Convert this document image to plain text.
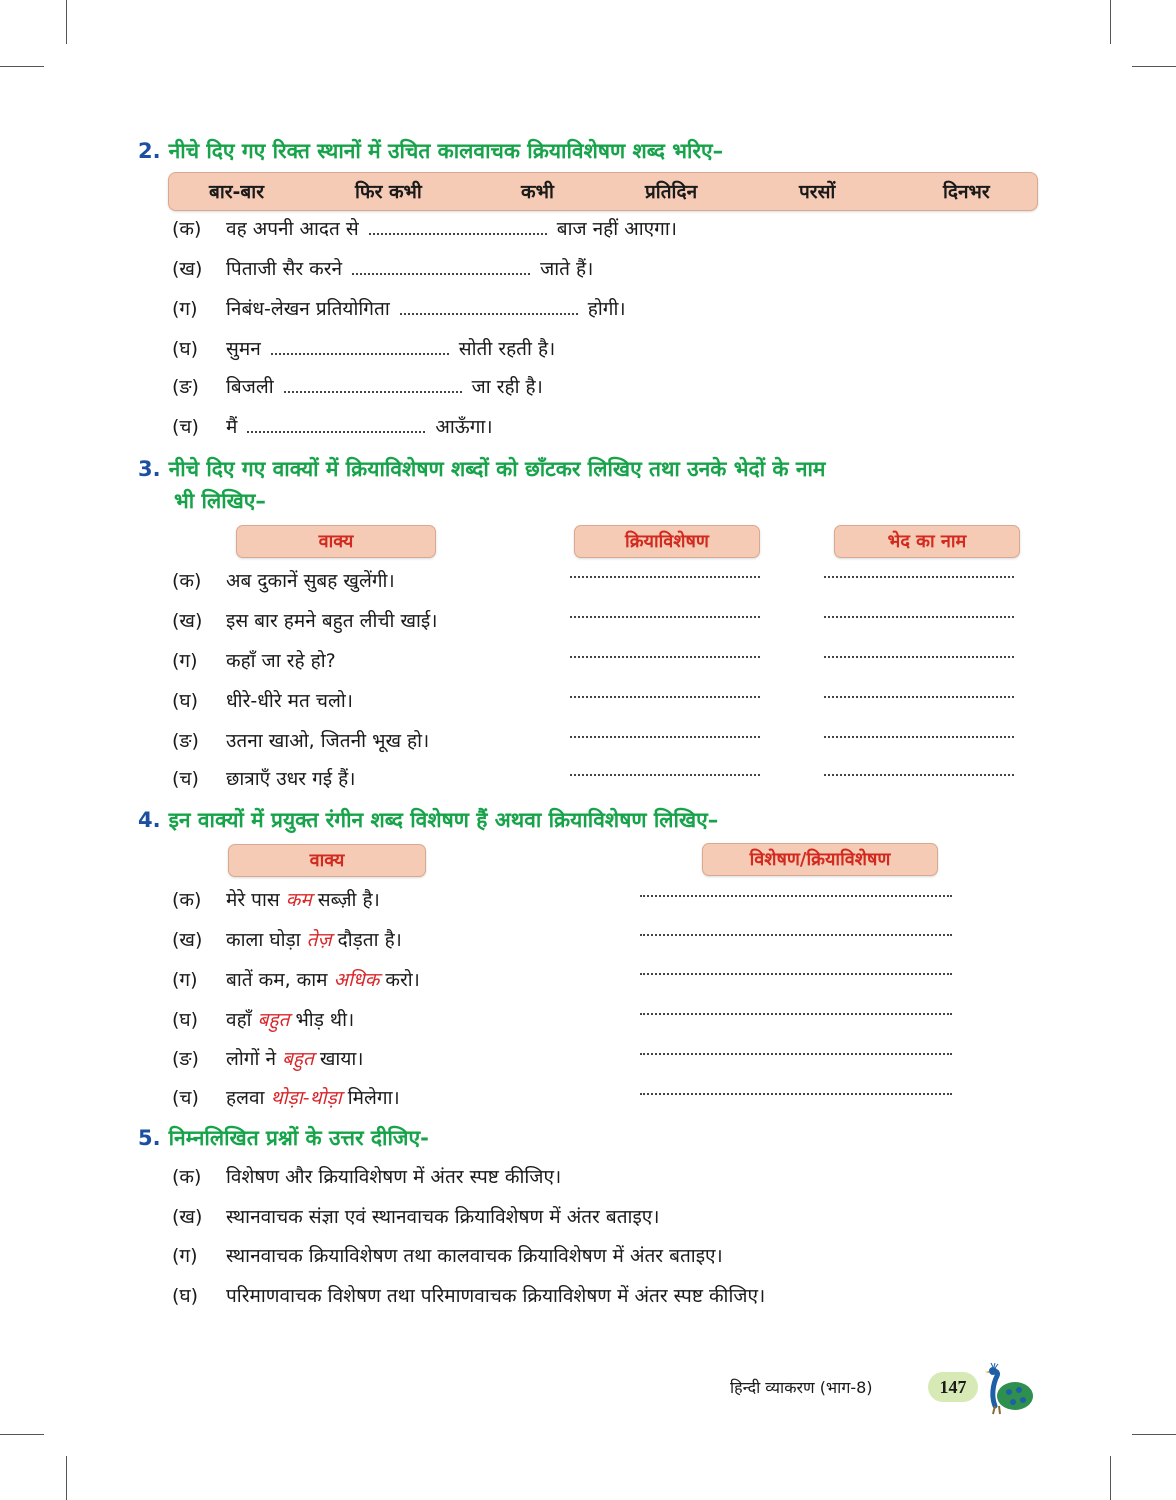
2. नीचे दिए गए रिक्त स्थानों में उचित कालवाचक क्रियाविशेषण शब्द भरिए–
बार-बार	फिर कभी	कभी	प्रतिदिन	परसों	दिनभर
(क) वह अपनी आदत से	बाज नहीं आएगा।
(ख) पिताजी सैर करने	जाते हैं।
(ग) निबंध-लेखन प्रतियोगिता	होगी।
(घ) सुमन	सोती रहती है।
(ङ) बिजली	जा रही है।
(च) मैं	आऊँगा।
3. नीचे दिए गए वाक्यों में क्रियाविशेषण शब्दों को छाँटकर लिखिए तथा उनके भेदों के नाम
भी लिखिए–
वाक्य	क्रियाविशेषण	भेद का नाम
(क) अब दुकानें सुबह खुलेंगी।
(ख) इस बार हमने बहुत लीची खाई।
(ग) कहाँ जा रहे हो?
(घ) धीरे-धीरे मत चलो।
(ङ) उतना खाओ, जितनी भूख हो।
(च) छात्राएँ उधर गई हैं।
4. इन वाक्यों में प्रयुक्त रंगीन शब्द विशेषण हैं अथवा क्रियाविशेषण लिखिए–
वाक्य	विशेषण/क्रियाविशेषण
(क) मेरे पास कम सब्ज़ी है।
(ख) काला घोड़ा तेज़ दौड़ता है।
(ग) बातें कम, काम अधिक करो।
(घ) वहाँ बहुत भीड़ थी।
(ङ) लोगों ने बहुत खाया।
(च) हलवा थोड़ा-थोड़ा मिलेगा।
5. निम्नलिखित प्रश्नों के उत्तर दीजिए-
(क) विशेषण और क्रियाविशेषण में अंतर स्पष्ट कीजिए।
(ख) स्थानवाचक संज्ञा एवं स्थानवाचक क्रियाविशेषण में अंतर बताइए।
(ग) स्थानवाचक क्रियाविशेषण तथा कालवाचक क्रियाविशेषण में अंतर बताइए।
(घ) परिमाणवाचक विशेषण तथा परिमाणवाचक क्रियाविशेषण में अंतर स्पष्ट कीजिए।
हिन्दी व्याकरण (भाग-8)	147
